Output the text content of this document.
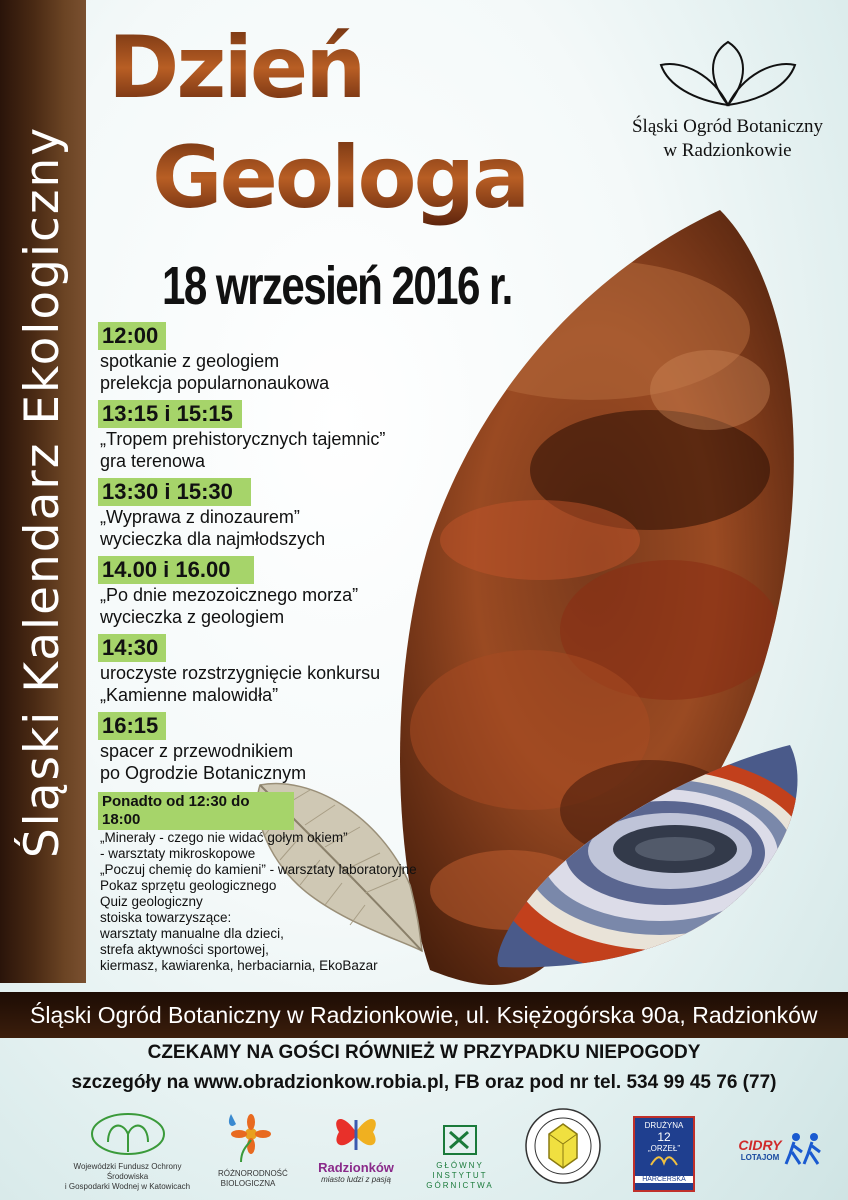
Śląski Kalendarz Ekologiczny
Dzień
Geologa
18 wrzesień 2016 r.
Śląski Ogród Botaniczny
w Radzionkowie
12:00
spotkanie z geologiem
prelekcja popularnonaukowa
13:15 i 15:15
„Tropem prehistorycznych tajemnic”
gra terenowa
13:30 i 15:30
„Wyprawa z dinozaurem”
wycieczka dla najmłodszych
14.00 i 16.00
„Po dnie mezozoicznego morza”
wycieczka z geologiem
14:30
uroczyste rozstrzygnięcie konkursu
„Kamienne malowidła”
16:15
spacer z przewodnikiem
po Ogrodzie Botanicznym
Ponadto od 12:30 do 18:00
„Minerały - czego nie widać gołym okiem”
- warsztaty mikroskopowe
„Poczuj chemię do kamieni” - warsztaty laboratoryjne
Pokaz sprzętu geologicznego
Quiz geologiczny
stoiska towarzyszące:
warsztaty manualne dla dzieci,
strefa aktywności sportowej,
kiermasz, kawiarenka, herbaciarnia, EkoBazar
Śląski Ogród Botaniczny w Radzionkowie, ul. Księżogórska 90a, Radzionków
CZEKAMY NA GOŚCI RÓWNIEŻ W PRZYPADKU NIEPOGODY
szczegóły na www.obradzionkow.robia.pl, FB oraz pod nr tel. 534 99 45 76 (77)
Wojewódzki Fundusz Ochrony Środowiska
i Gospodarki Wodnej w Katowicach
RÓŻNORODNOŚĆ BIOLOGICZNA
Radzionków
miasto ludzi z pasją
GŁÓWNY
INSTYTUT
GÓRNICTWA
DRUŻYNA
12
„ORZEŁ”
HARCERSKA
CIDRY
LOTAJOM
